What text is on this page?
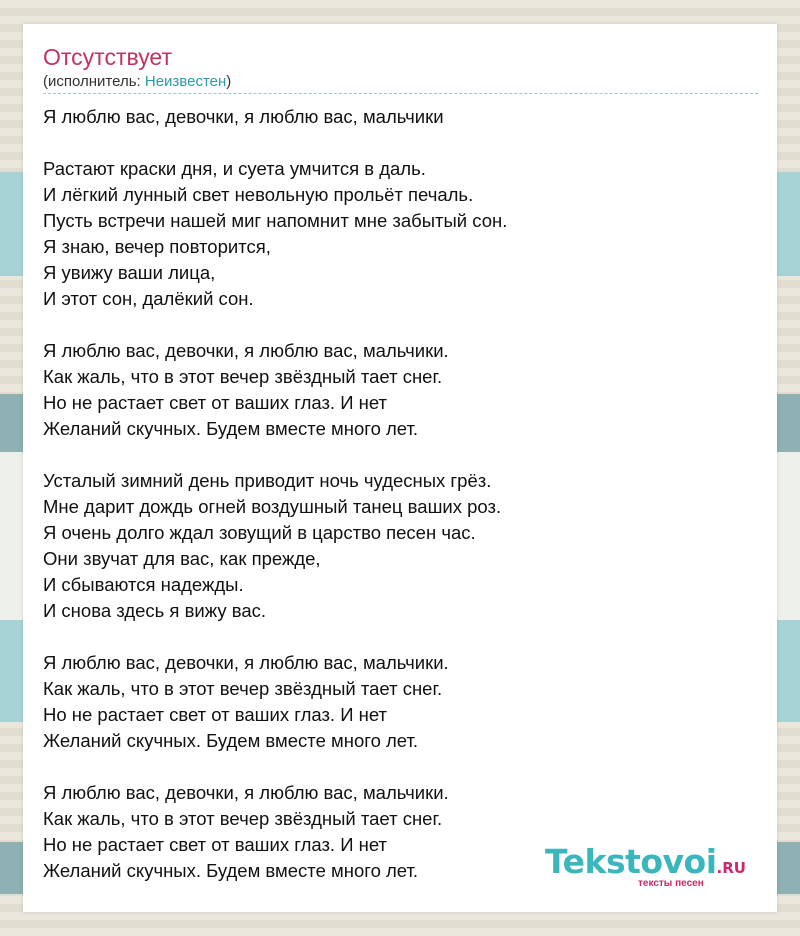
Отсутствует
(исполнитель: Неизвестен)
Я люблю вас, девочки, я люблю вас, мальчики
Растают краски дня, и суета умчится в даль.
И лёгкий лунный свет невольную прольёт печаль.
Пусть встречи нашей миг напомнит мне забытый сон.
Я знаю, вечер повторится,
Я увижу ваши лица,
И этот сон, далёкий сон.
Я люблю вас, девочки, я люблю вас, мальчики.
Как жаль, что в этот вечер звёздный тает снег.
Но не растает свет от ваших глаз. И нет
Желаний скучных. Будем вместе много лет.
Усталый зимний день приводит ночь чудесных грёз.
Мне дарит дождь огней воздушный танец ваших роз.
Я очень долго ждал зовущий в царство песен час.
Они звучат для вас, как прежде,
И сбываются надежды.
И снова здесь я вижу вас.
Я люблю вас, девочки, я люблю вас, мальчики.
Как жаль, что в этот вечер звёздный тает снег.
Но не растает свет от ваших глаз. И нет
Желаний скучных. Будем вместе много лет.
Я люблю вас, девочки, я люблю вас, мальчики.
Как жаль, что в этот вечер звёздный тает снег.
Но не растает свет от ваших глаз. И нет
Желаний скучных. Будем вместе много лет.	Tekstovoi.RU
тексты песен
